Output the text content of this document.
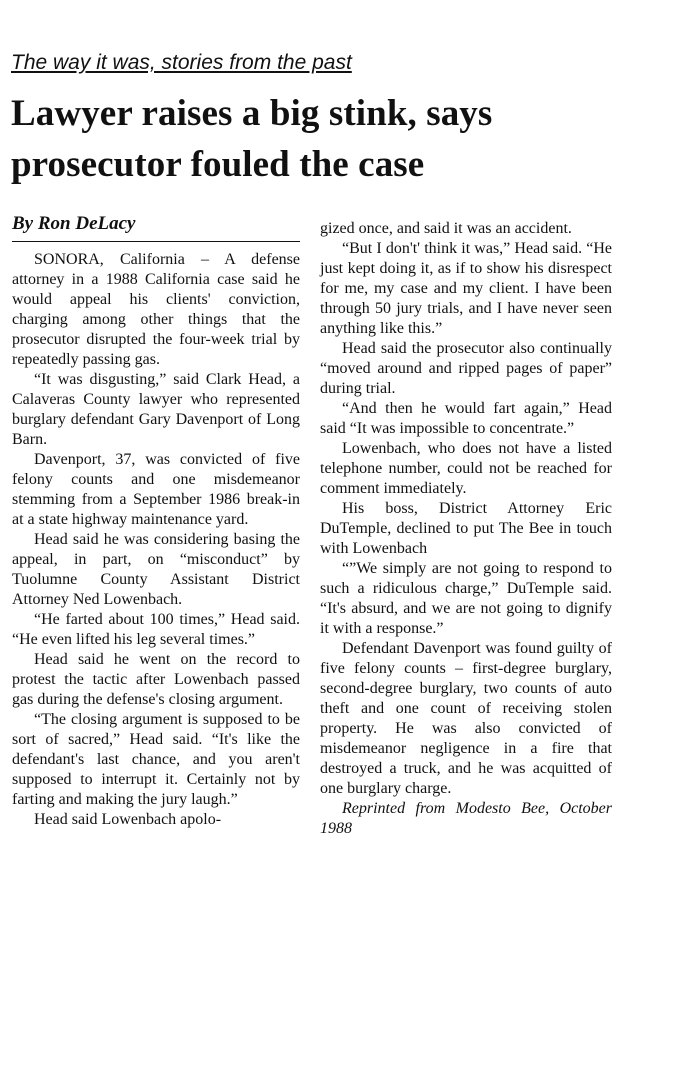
The way it was, stories from the past
Lawyer raises a big stink, says prosecutor fouled the case
By Ron DeLacy

SONORA, California – A defense attorney in a 1988 California case said he would appeal his clients' conviction, charging among other things that the prosecutor disrupted the four-week trial by repeatedly passing gas.

“It was disgusting,” said Clark Head, a Calaveras County lawyer who represented burglary defendant Gary Davenport of Long Barn.

Davenport, 37, was convicted of five felony counts and one misdemeanor stemming from a September 1986 break-in at a state highway maintenance yard.

Head said he was considering basing the appeal, in part, on “misconduct” by Tuolumne County Assistant District Attorney Ned Lowenbach.

“He farted about 100 times,” Head said. “He even lifted his leg several times.”

Head said he went on the record to protest the tactic after Lowenbach passed gas during the defense's closing argument.

“The closing argument is supposed to be sort of sacred,” Head said. “It's like the defendant's last chance, and you aren't supposed to interrupt it. Certainly not by farting and making the jury laugh.”

Head said Lowenbach apolo-

gized once, and said it was an accident.

“But I don't' think it was,” Head said. “He just kept doing it, as if to show his disrespect for me, my case and my client. I have been through 50 jury trials, and I have never seen anything like this.”

Head said the prosecutor also continually “moved around and ripped pages of paper” during trial.

“And then he would fart again,” Head said “It was impossible to concentrate.”

Lowenbach, who does not have a listed telephone number, could not be reached for comment immediately.

His boss, District Attorney Eric DuTemple, declined to put The Bee in touch with Lowenbach

“”We simply are not going to respond to such a ridiculous charge,” DuTemple said. “It's absurd, and we are not going to dignify it with a response.”

Defendant Davenport was found guilty of five felony counts – first-degree burglary, second-degree burglary, two counts of auto theft and one count of receiving stolen property. He was also convicted of misdemeanor negligence in a fire that destroyed a truck, and he was acquitted of one burglary charge.

Reprinted from Modesto Bee, October 1988
